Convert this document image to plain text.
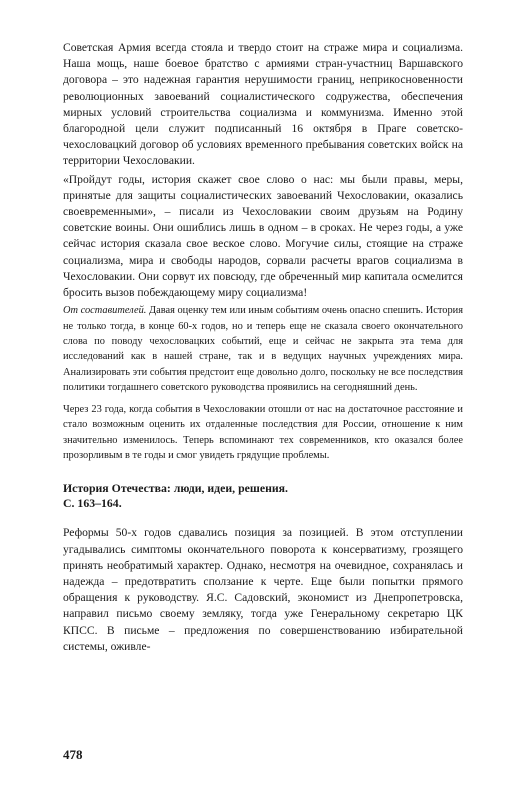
Советская Армия всегда стояла и твердо стоит на страже мира и социализма. Наша мощь, наше боевое братство с армиями стран-участниц Варшавского договора – это надежная гарантия нерушимости границ, неприкосновенности революционных завоеваний социалистического содружества, обеспечения мирных условий строительства социализма и коммунизма. Именно этой благородной цели служит подписанный 16 октября в Праге советско-чехословацкий договор об условиях временного пребывания советских войск на территории Чехословакии.

«Пройдут годы, история скажет свое слово о нас: мы были правы, меры, принятые для защиты социалистических завоеваний Чехословакии, оказались своевременными», – писали из Чехословакии своим друзьям на Родину советские воины. Они ошиблись лишь в одном – в сроках. Не через годы, а уже сейчас история сказала свое веское слово. Могучие силы, стоящие на страже социализма, мира и свободы народов, сорвали расчеты врагов социализма в Чехословакии. Они сорвут их повсюду, где обреченный мир капитала осмелится бросить вызов побеждающему миру социализма!

От составителей. Давая оценку тем или иным событиям очень опасно спешить. История не только тогда, в конце 60-х годов, но и теперь еще не сказала своего окончательного слова по поводу чехословацких событий, еще и сейчас не закрыта эта тема для исследований как в нашей стране, так и в ведущих научных учреждениях мира. Анализировать эти события предстоит еще довольно долго, поскольку не все последствия политики тогдашнего советского руководства проявились на сегодняшний день.

Через 23 года, когда события в Чехословакии отошли от нас на достаточное расстояние и стало возможным оценить их отдаленные последствия для России, отношение к ним значительно изменилось. Теперь вспоминают тех современников, кто оказался более прозорливым в те годы и смог увидеть грядущие проблемы.

История Отечества: люди, идеи, решения.
С. 163–164.

Реформы 50-х годов сдавались позиция за позицией. В этом отступлении угадывались симптомы окончательного поворота к консерватизму, грозящего принять необратимый характер. Однако, несмотря на очевидное, сохранялась и надежда – предотвратить сползание к черте. Еще были попытки прямого обращения к руководству. Я.С. Садовский, экономист из Днепропетровска, направил письмо своему земляку, тогда уже Генеральному секретарю ЦК КПСС. В письме – предложения по совершенствованию избирательной системы, оживле-

478
